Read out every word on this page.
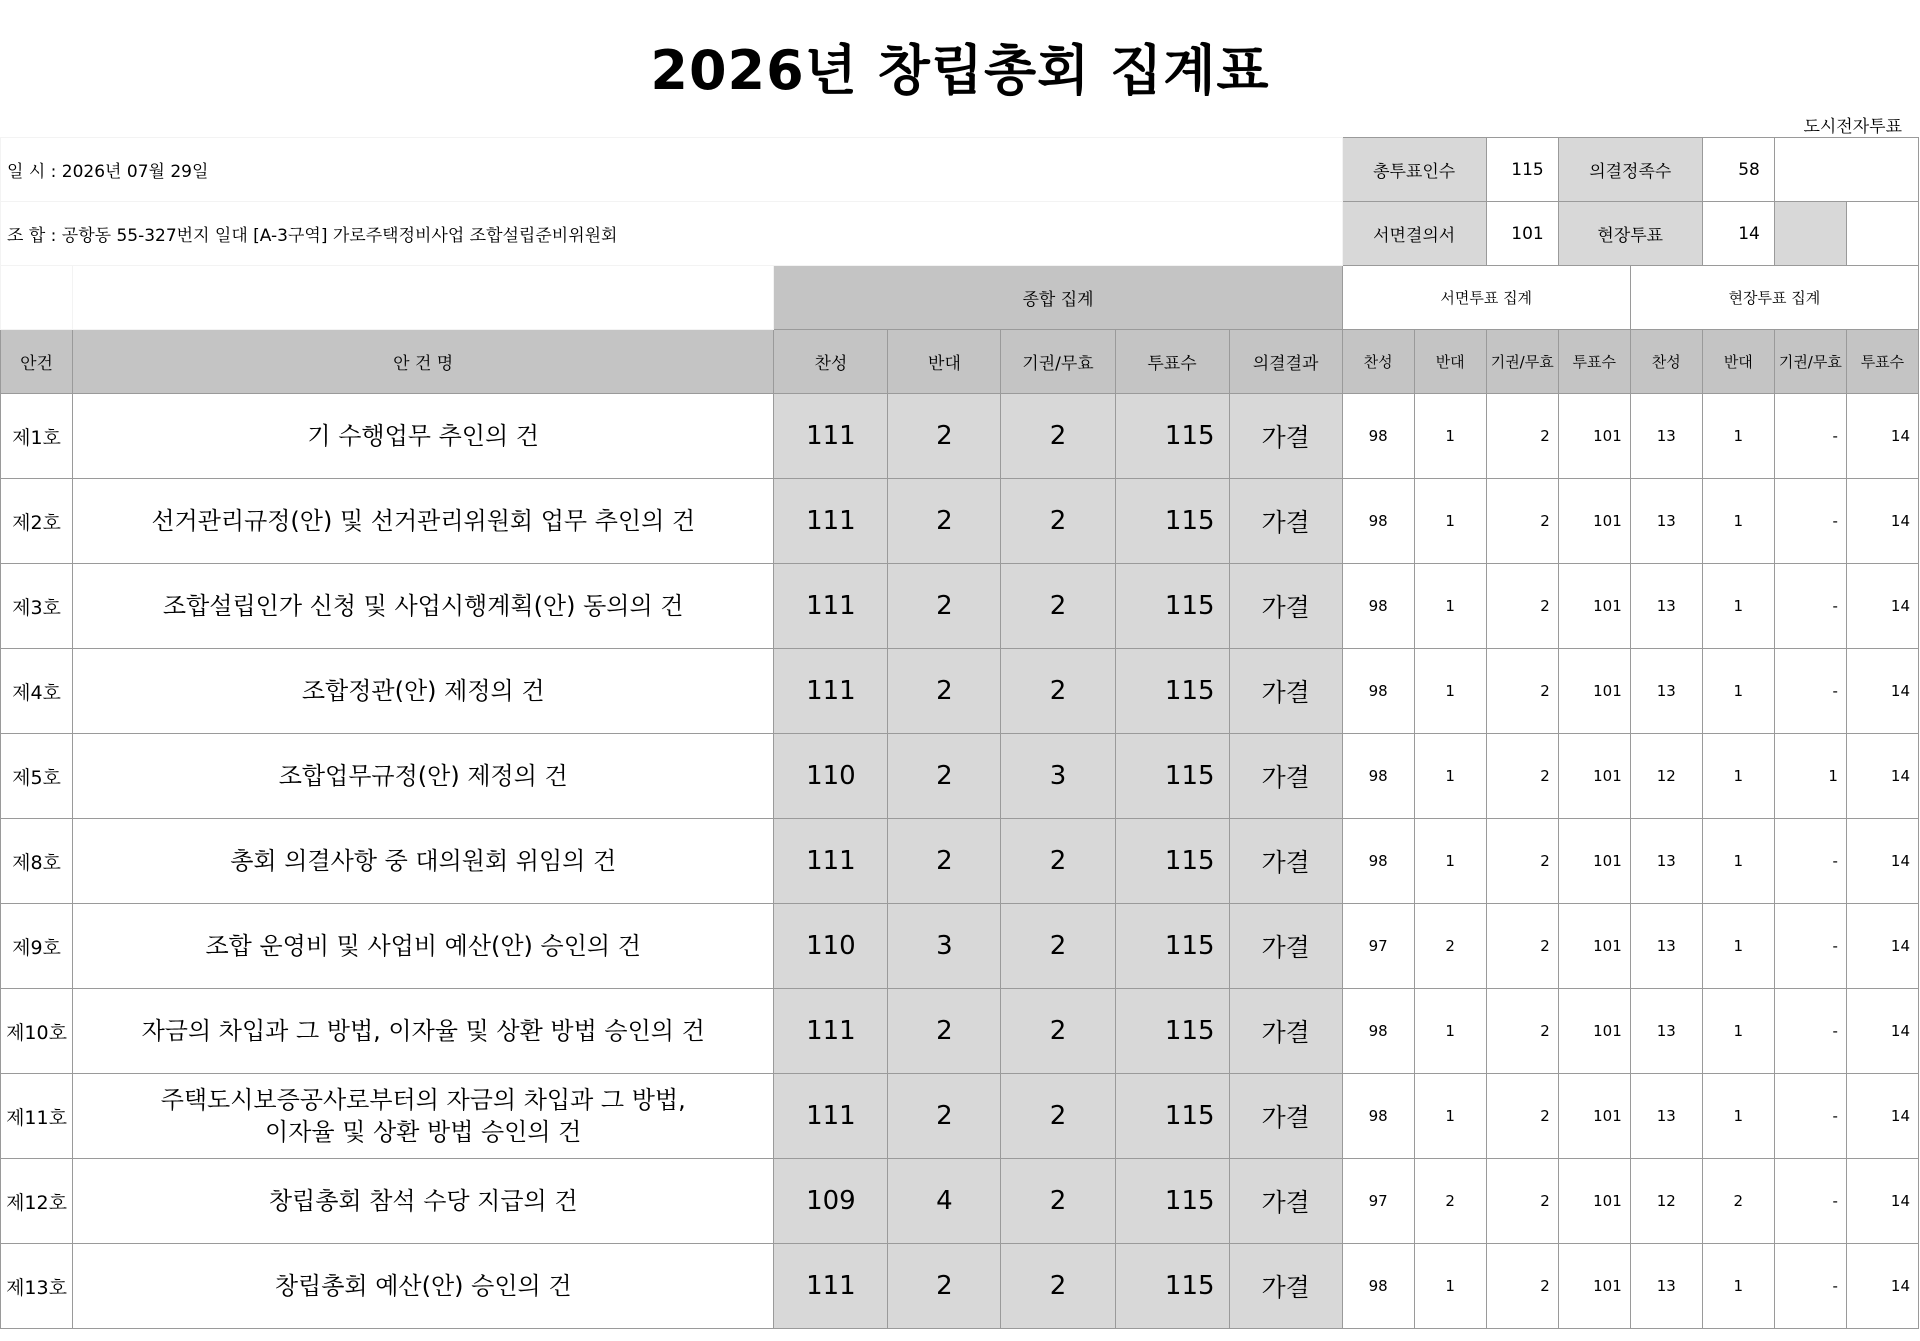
2026년 창립총회 집계표
도시전자투표
일 시 : 2026년 07월 29일							총투표인수		115	의결정족수		58		
조 합 : 공항동 55-327번지 일대 [A-3구역] 가로주택정비사업 조합설립준비위원회							서면결의서		101	현장투표		14		
		종합 집계					서면투표 집계				현장투표 집계			
안건	안 건 명	찬성	반대	기권/무효	투표수	의결결과	찬성	반대	기권/무효	투표수	찬성	반대	기권/무효	투표수
제1호	기 수행업무 추인의 건	111	2	2	115	가결	98	1	2	101	13	1	-	14
제2호	선거관리규정(안) 및 선거관리위원회 업무 추인의 건	111	2	2	115	가결	98	1	2	101	13	1	-	14
제3호	조합설립인가 신청 및 사업시행계획(안) 동의의 건	111	2	2	115	가결	98	1	2	101	13	1	-	14
제4호	조합정관(안) 제정의 건	111	2	2	115	가결	98	1	2	101	13	1	-	14
제5호	조합업무규정(안) 제정의 건	110	2	3	115	가결	98	1	2	101	12	1	1	14
제8호	총회 의결사항 중 대의원회 위임의 건	111	2	2	115	가결	98	1	2	101	13	1	-	14
제9호	조합 운영비 및 사업비 예산(안) 승인의 건	110	3	2	115	가결	97	2	2	101	13	1	-	14
제10호	자금의 차입과 그 방법, 이자율 및 상환 방법 승인의 건	111	2	2	115	가결	98	1	2	101	13	1	-	14
제11호	주택도시보증공사로부터의 자금의 차입과 그 방법,
이자율 및 상환 방법 승인의 건	111	2	2	115	가결	98	1	2	101	13	1	-	14
제12호	창립총회 참석 수당 지급의 건	109	4	2	115	가결	97	2	2	101	12	2	-	14
제13호	창립총회 예산(안) 승인의 건	111	2	2	115	가결	98	1	2	101	13	1	-	14
